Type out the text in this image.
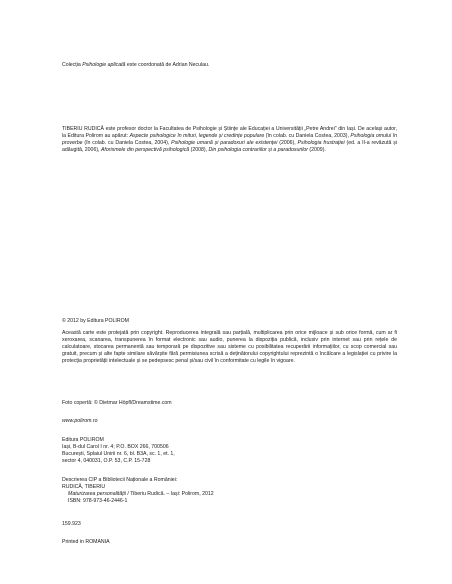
Colecția Psihologie aplicată este coordonată de Adrian Neculau.

TIBERIU RUDICĂ este profesor doctor la Facultatea de Psihologie și Științe ale Educației a Universității „Petre Andrei” din Iași. De același autor, la Editura Polirom au apărut: Aspecte psihologice în mituri, legende și credințe populare (în colab. cu Daniela Costea, 2003), Psihologia omului în proverbe (în colab. cu Daniela Costea, 2004), Psihologie umană și paradoxuri ale existenței (2006), Psihologia frustrației (ed. a II-a revăzută și adăugită, 2006), Aforismele din perspectivă psihologică (2008), Din psihologia contrariilor și a paradoxurilor (2009).

© 2012 by Editura POLIROM

Această carte este protejată prin copyright. Reproducerea integrală sau parțială, multiplicarea prin orice mijloace și sub orice formă, cum ar fi xeroxarea, scanarea, transpunerea în format electronic sau audio, punerea la dispoziția publică, inclusiv prin internet sau prin rețele de calculatoare, stocarea permanentă sau temporară pe dispozitive sau sisteme cu posibilitatea recuperării informațiilor, cu scop comercial sau gratuit, precum și alte fapte similare săvârșite fără permisiunea scrisă a deținătorului copyrightului reprezintă o încălcare a legislației cu privire la protecția proprietății intelectuale și se pedepsesc penal și/sau civil în conformitate cu legile în vigoare.

Foto copertă: © Dietmar Höpfl/Dreamstime.com

www.polirom.ro

Editura POLIROM

Iași, B-dul Carol I nr. 4; P.O. BOX 266, 700506

București, Splaiul Unirii nr. 6, bl. B3A, sc. 1, et. 1,

sector 4, 040031, O.P. 53, C.P. 15-728

Descrierea CIP a Bibliotecii Naționale a României:

RUDICĂ, TIBERIU

Maturizarea personalității / Tiberiu Rudică. – Iași: Polirom, 2012

ISBN: 978-973-46-2446-1

159.923

Printed in ROMANIA
